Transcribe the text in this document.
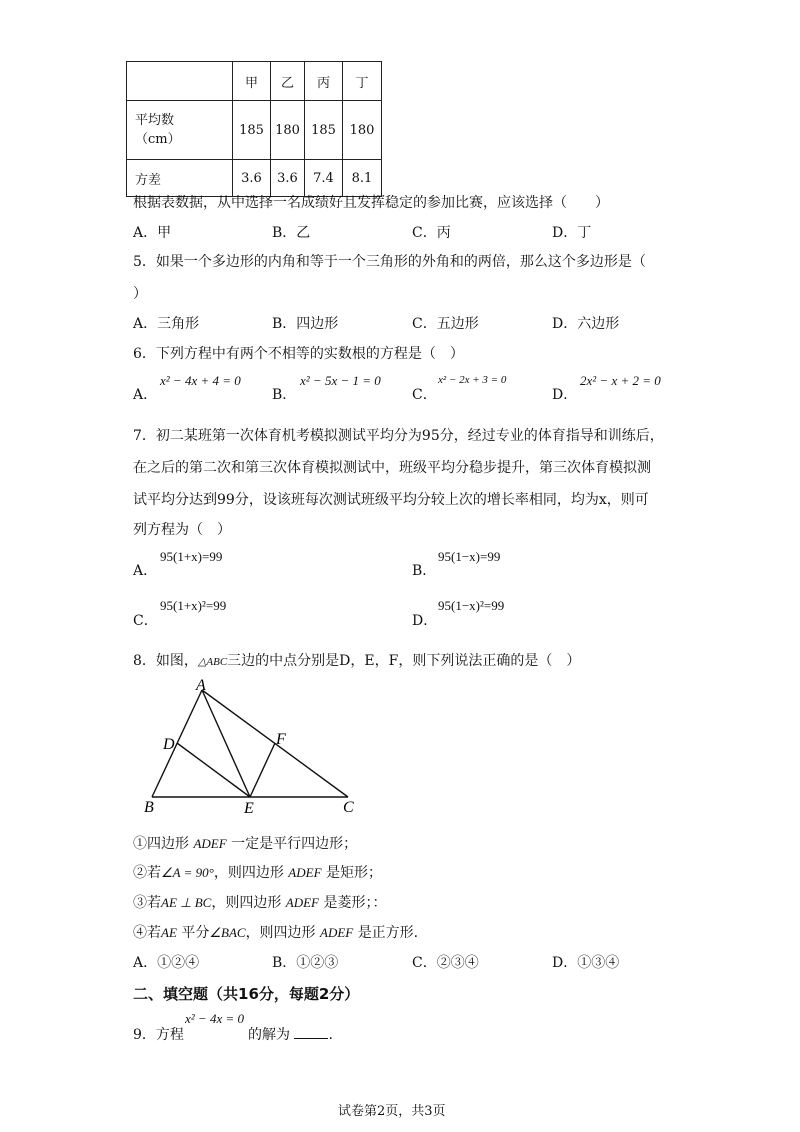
	甲	乙	丙	丁

平均数
（cm）	185	180	185	180
方差	3.6	3.6	7.4	8.1
根据表数据，从中选择一名成绩好且发挥稳定的参加比赛，应该选择（　　）
A．甲	B．乙	C．丙	D．丁
5．如果一个多边形的内角和等于一个三角形的外角和的两倍，那么这个多边形是（
）
A．三角形	B．四边形	C．五边形	D．六边形
6．下列方程中有两个不相等的实数根的方程是（　）
A．
x² − 4x + 4 = 0
B．
x² − 5x − 1 = 0
C．
x² − 2x + 3 = 0
D．
2x² − x + 2 = 0
7．初二某班第一次体育机考模拟测试平均分为95分，经过专业的体育指导和训练后，
在之后的第二次和第三次体育模拟测试中，班级平均分稳步提升，第三次体育模拟测
试平均分达到99分，设该班每次测试班级平均分较上次的增长率相同，均为x，则可
列方程为（　）
A．
95(1+x)=99
B．
95(1−x)=99
C．
95(1+x)²=99
D．
95(1−x)²=99
8．如图，△ABC三边的中点分别是D，E，F，则下列说法正确的是（　）
A
B	C
D
E
F
①四边形 ADEF 一定是平行四边形；
②若∠A = 90°，则四边形 ADEF 是矩形；
③若AE ⊥ BC，则四边形 ADEF 是菱形；：
④若AE 平分∠BAC，则四边形 ADEF 是正方形.
A．①②④	B．①②③	C．②③④	D．①③④
二、填空题（共16分，每题2分）
9．方程
x² − 4x = 0
的解为	.
试卷第2页，共3页
